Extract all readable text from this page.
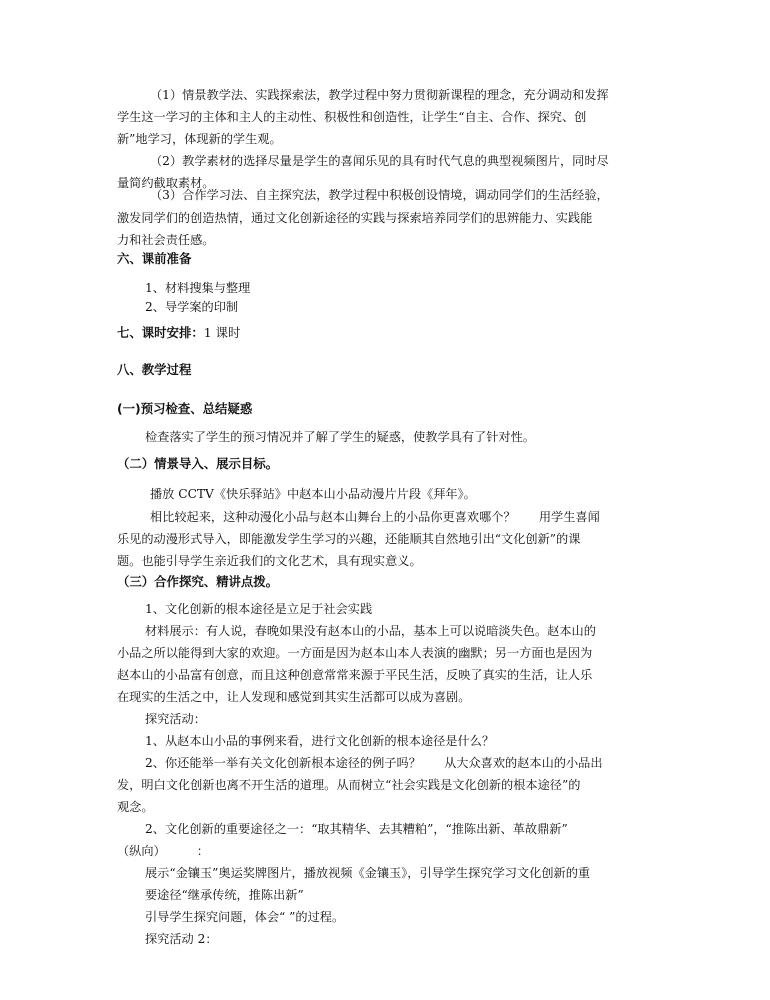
（1）情景教学法、实践探索法，教学过程中努力贯彻新课程的理念，充分调动和发挥
学生这一学习的主体和主人的主动性、积极性和创造性，让学生“自主、合作、探究、创
新”地学习，体现新的学生观。
（2）教学素材的选择尽量是学生的喜闻乐见的具有时代气息的典型视频图片，同时尽
量简约截取素材。
（3）合作学习法、自主探究法，教学过程中积极创设情境，调动同学们的生活经验，
激发同学们的创造热情，通过文化创新途径的实践与探索培养同学们的思辨能力、实践能
力和社会责任感。
六、课前准备
1、材料搜集与整理
2、导学案的印制
七、课时安排：1 课时
八、教学过程
(一)预习检查、总结疑惑
检查落实了学生的预习情况并了解了学生的疑惑，使教学具有了针对性。
（二）情景导入、展示目标。
播放 CCTV《快乐驿站》中赵本山小品动漫片片段《拜年》。
相比较起来，这种动漫化小品与赵本山舞台上的小品你更喜欢哪个？      用学生喜闻
乐见的动漫形式导入，即能激发学生学习的兴趣，还能顺其自然地引出“文化创新”的课
题。也能引导学生亲近我们的文化艺术，具有现实意义。
（三）合作探究、精讲点拨。
1、文化创新的根本途径是立足于社会实践
材料展示：有人说，春晚如果没有赵本山的小品，基本上可以说暗淡失色。赵本山的
小品之所以能得到大家的欢迎。一方面是因为赵本山本人表演的幽默；另一方面也是因为
赵本山的小品富有创意，而且这种创意常常来源于平民生活，反映了真实的生活，让人乐
在现实的生活之中，让人发现和感觉到其实生活都可以成为喜剧。
探究活动：
1、从赵本山小品的事例来看，进行文化创新的根本途径是什么？
2、你还能举一举有关文化创新根本途径的例子吗？      从大众喜欢的赵本山的小品出
发，明白文化创新也离不开生活的道理。从而树立“社会实践是文化创新的根本途径”的
观念。
2、文化创新的重要途径之一：“取其精华、去其糟粕”，“推陈出新、革故鼎新”
（纵向）        ：
展示“金镶玉”奥运奖牌图片，播放视频《金镶玉》，引导学生探究学习文化创新的重
要途径“继承传统，推陈出新”
引导学生探究问题，体会“ ”的过程。
探究活动 2：
